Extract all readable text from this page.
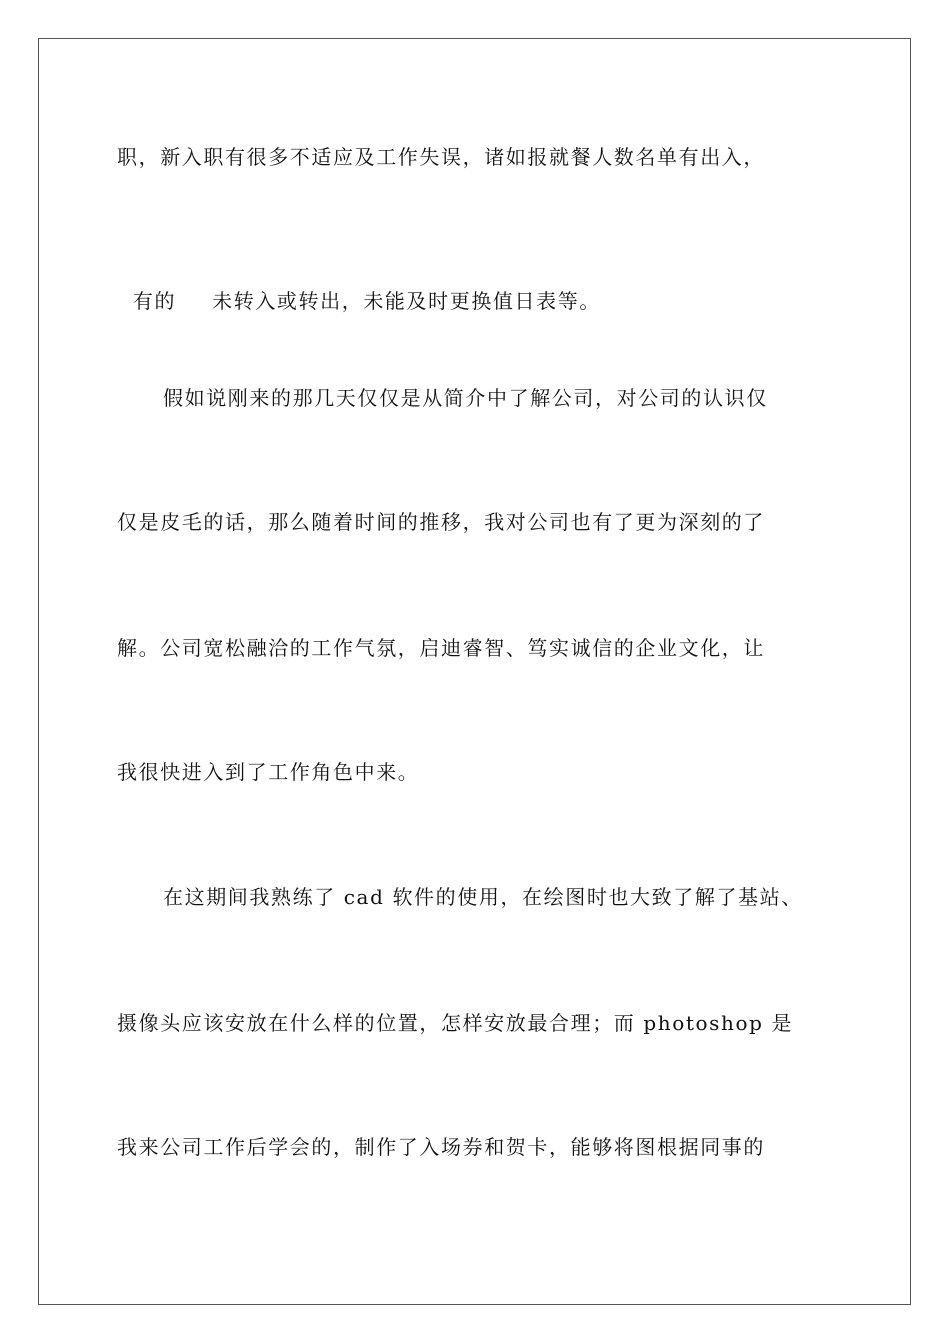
职，新入职有很多不适应及工作失误，诸如报就餐人数名单有出入，

有的 未转入或转出，未能及时更换值日表等。

假如说刚来的那几天仅仅是从简介中了解公司，对公司的认识仅
仅是皮毛的话，那么随着时间的推移，我对公司也有了更为深刻的了
解。公司宽松融洽的工作气氛，启迪睿智、笃实诚信的企业文化，让
我很快进入到了工作角色中来。
在这期间我熟练了 cad 软件的使用，在绘图时也大致了解了基站、
摄像头应该安放在什么样的位置，怎样安放最合理；而 photoshop 是
我来公司工作后学会的，制作了入场券和贺卡，能够将图根据同事的
